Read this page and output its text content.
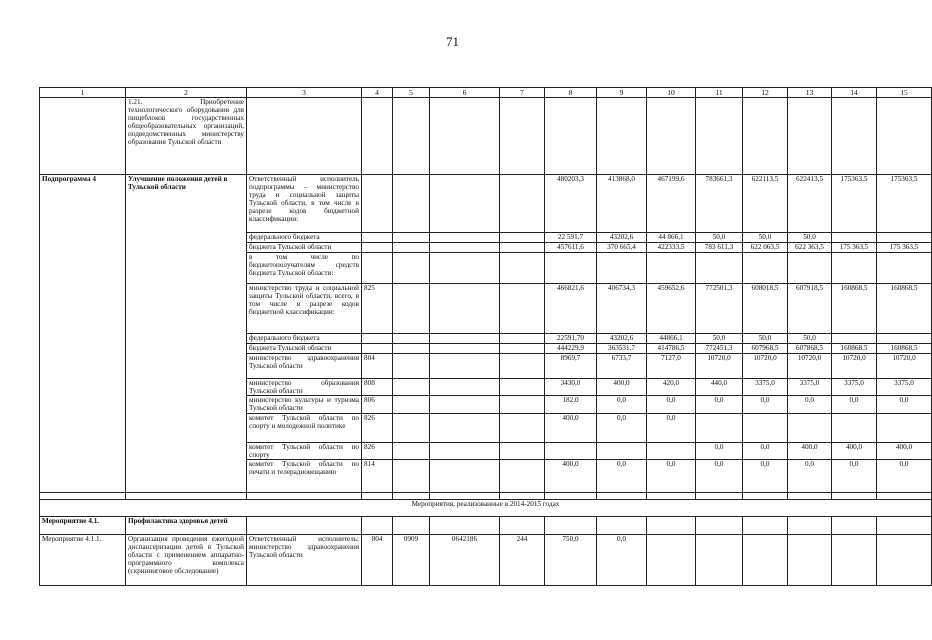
71
1	2	3	4	5	6	7	8	9	10	11	12	13	14	15
	1.21. Приобретение технологического оборудования для пищеблоков государственных общеобразовательных организаций, подведомственных министерству образования Тульской области													
Подпрограмма 4	Улучшение положения детей в Тульской области	Ответственный исполнитель подпрограммы – министерство труда и социальной защиты Тульской области, в том числе в разрезе кодов бюджетной классификации:					480203,3	413868,0	467199,6	783661,3	622113,5	622413,5	175363,5	175363,5
		федерального бюджета					22 591,7	43202,6	44 866,1	50,0	50,0	50,0		
		бюджета Тульской области					457611,6	370 665,4	422333,5	783 611,3	622 063,5	622 363,5	175 363,5	175 363,5
		в том числе по бюджетополучателям средств бюджета Тульской области:												
		министерство труда и социальной защиты Тульской области, всего, в том числе в разрезе кодов бюджетной классификации:	825				466821,6	406734,3	459652,6	772501,3	608018,5	607918,5	160868,5	160868,5
		федерального бюджета					22591,70	43202,6	44866,1	50,0	50,0	50,0		
		бюджета Тульской области					444229,9	363531,7	414786,5	772451,3	607968,5	607868,5	160868,5	160868,5
		министерство здравоохранения Тульской области	804				8969,7	6733,7	7127,0	10720,0	10720,0	10720,0	10720,0	10720,0
		министерство образования Тульской области	808				3430,0	400,0	420,0	440,0	3375,0	3375,0	3375,0	3375,0
		министерство культуры и туризма Тульской области	806				182,0	0,0	0,0	0,0	0,0	0,0	0,0	0,0
		комитет Тульской области по спорту и молодежной политике	826				400,0	0,0	0,0					
		комитет Тульской области по спорту	826							0,0	0,0	400,0	400,0	400,0
		комитет Тульской области по печати и телерадиовещанию	814				400,0	0,0	0,0	0,0	0,0	0,0	0,0	0,0

Мероприятия, реализованные в 2014-2015 годах														
Мероприятие 4.1.	Профилактика здоровья детей													
Мероприятие 4.1.1.	Организация проведения ежегодной диспансеризации детей в Тульской области с применением аппаратно-программного комплекса (скрининговое обследование)	Ответственный исполнитель: министерство здравоохранения Тульской области	804	0909	0642186	244	750,0	0,0						
